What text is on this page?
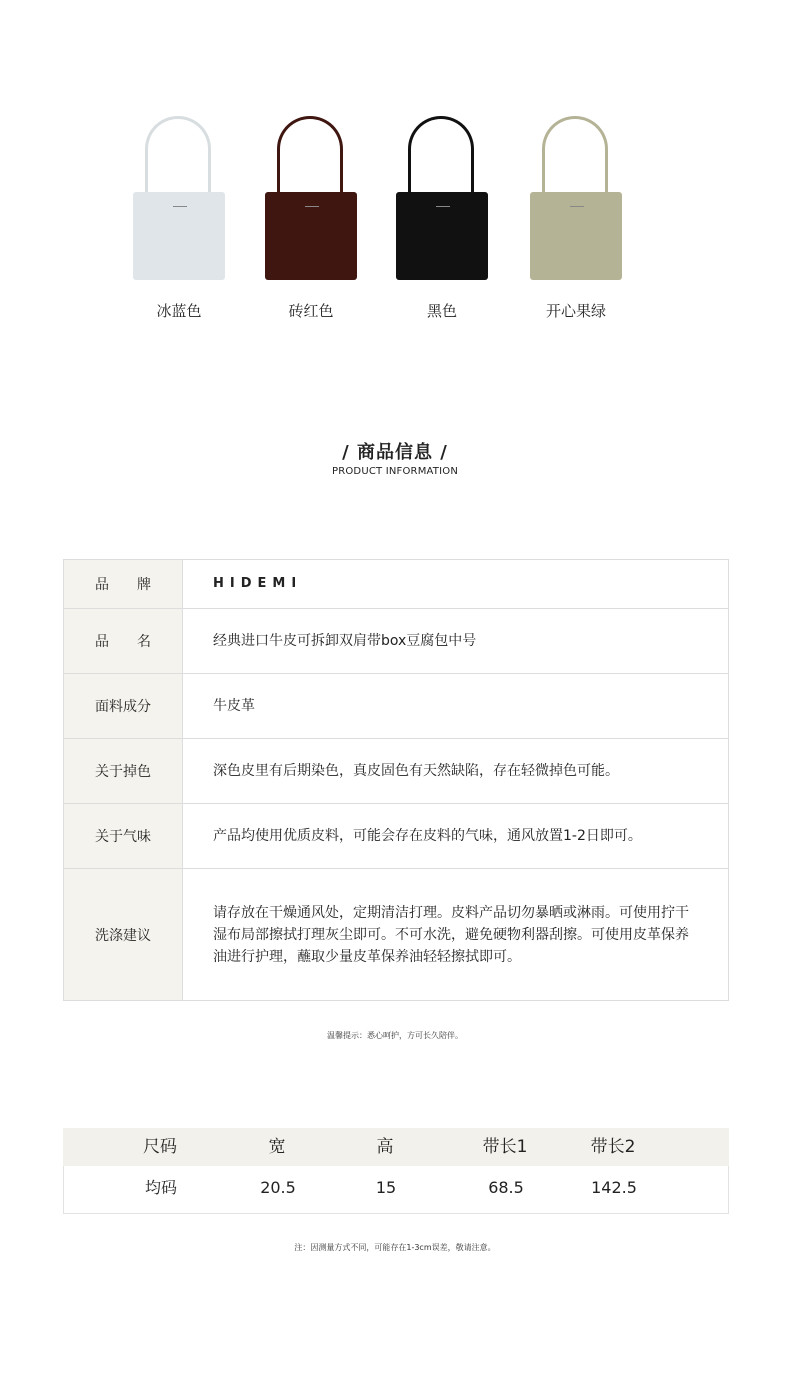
冰蓝色	砖红色	黑色	开心果绿
/ 商品信息 /
PRODUCT INFORMATION
品　　牌	HIDEMI
品　　名	经典进口牛皮可拆卸双肩带box豆腐包中号
面料成分	牛皮革
关于掉色	深色皮里有后期染色，真皮固色有天然缺陷，存在轻微掉色可能。
关于气味	产品均使用优质皮料，可能会存在皮料的气味，通风放置1-2日即可。
洗涤建议	请存放在干燥通风处，定期清洁打理。皮料产品切勿暴晒或淋雨。可使用拧干湿布局部擦拭打理灰尘即可。不可水洗，避免硬物利器刮擦。可使用皮革保养油进行护理，蘸取少量皮革保养油轻轻擦拭即可。
温馨提示：悉心呵护，方可长久陪伴。
尺码	宽	高	带长1	带长2
均码	20.5	15	68.5	142.5
注：因测量方式不同，可能存在1-3cm误差，敬请注意。
